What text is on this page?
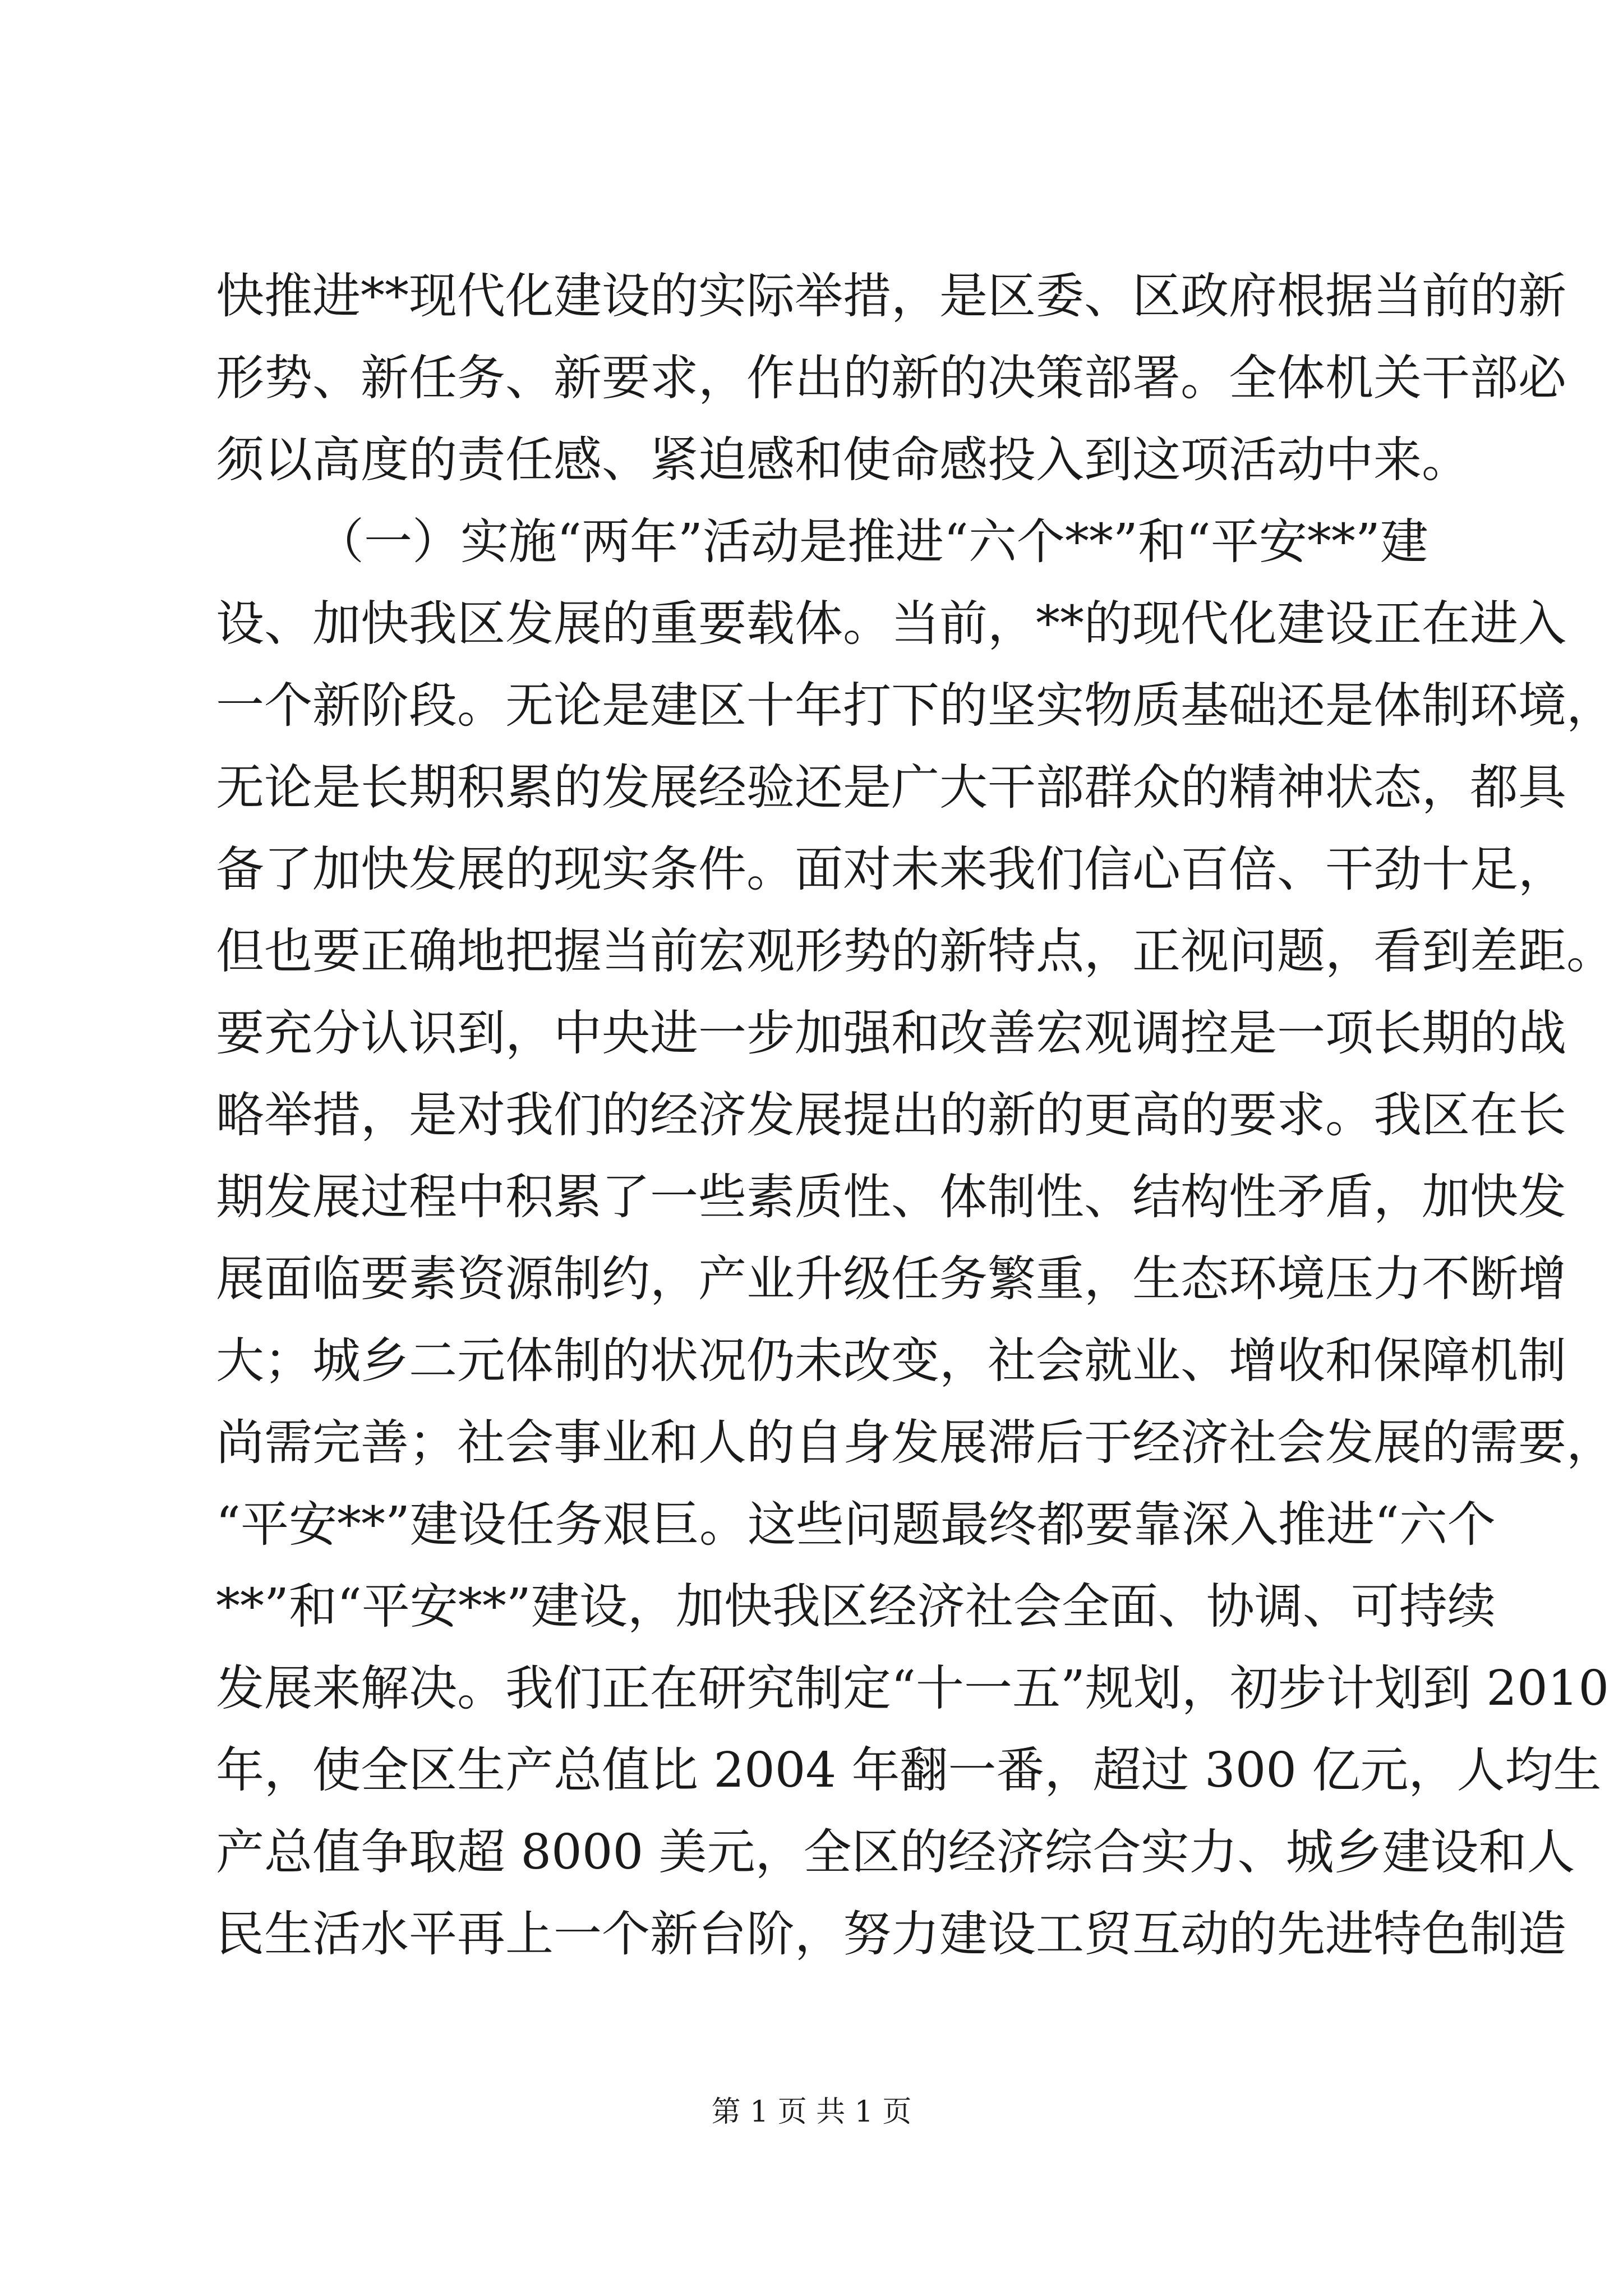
快推进**现代化建设的实际举措，是区委、区政府根据当前的新
形势、新任务、新要求，作出的新的决策部署。全体机关干部必
须以高度的责任感、紧迫感和使命感投入到这项活动中来。
（一）实施“两年”活动是推进“六个**”和“平安**”建
设、加快我区发展的重要载体。当前，**的现代化建设正在进入
一个新阶段。无论是建区十年打下的坚实物质基础还是体制环境，
无论是长期积累的发展经验还是广大干部群众的精神状态，都具
备了加快发展的现实条件。面对未来我们信心百倍、干劲十足，
但也要正确地把握当前宏观形势的新特点，正视问题，看到差距。
要充分认识到，中央进一步加强和改善宏观调控是一项长期的战
略举措，是对我们的经济发展提出的新的更高的要求。我区在长
期发展过程中积累了一些素质性、体制性、结构性矛盾，加快发
展面临要素资源制约，产业升级任务繁重，生态环境压力不断增
大；城乡二元体制的状况仍未改变，社会就业、增收和保障机制
尚需完善；社会事业和人的自身发展滞后于经济社会发展的需要，
“平安**”建设任务艰巨。这些问题最终都要靠深入推进“六个
**”和“平安**”建设，加快我区经济社会全面、协调、可持续
发展来解决。我们正在研究制定“十一五”规划，初步计划到 2010
年，使全区生产总值比 2004 年翻一番，超过 300 亿元，人均生
产总值争取超 8000 美元，全区的经济综合实力、城乡建设和人
民生活水平再上一个新台阶，努力建设工贸互动的先进特色制造
第 1 页 共 1 页
